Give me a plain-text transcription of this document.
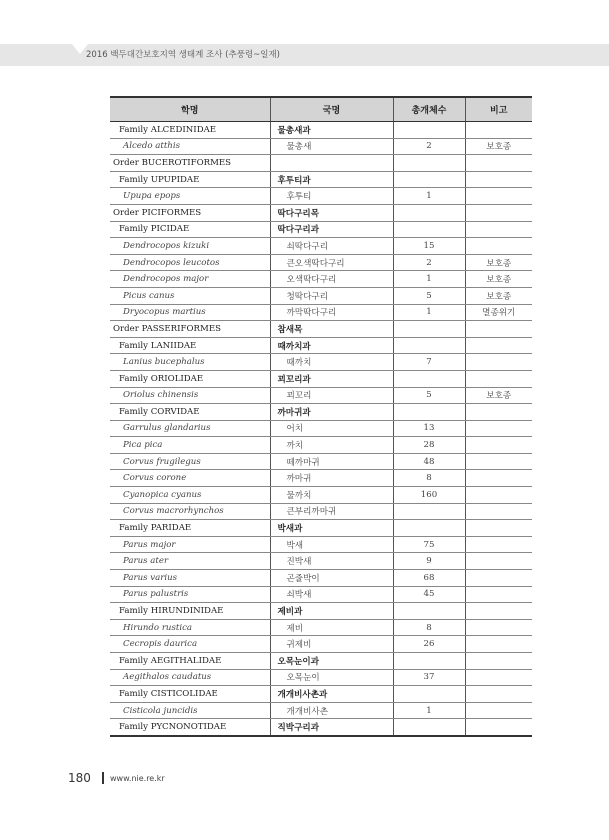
2016 백두대간보호지역 생태계 조사 (추풍령~일재)
학명	국명	총개체수	비고
Family ALCEDINIDAE	물총새과		
Alcedo atthis	물총새	2	보호종
Order BUCEROTIFORMES			
Family UPUPIDAE	후투티과		
Upupa epops	후투티	1	
Order PICIFORMES	딱다구리목		
Family PICIDAE	딱다구리과		
Dendrocopos kizuki	쇠딱다구리	15	
Dendrocopos leucotos	큰오색딱다구리	2	보호종
Dendrocopos major	오색딱다구리	1	보호종
Picus canus	청딱다구리	5	보호종
Dryocopus martius	까막딱다구리	1	멸종위기
Order PASSERIFORMES	참새목		
Family LANIIDAE	때까치과		
Lanius bucephalus	때까치	7	
Family ORIOLIDAE	꾀꼬리과		
Oriolus chinensis	꾀꼬리	5	보호종
Family CORVIDAE	까마귀과		
Garrulus glandarius	어치	13	
Pica pica	까치	28	
Corvus frugilegus	떼까마귀	48	
Corvus corone	까마귀	8	
Cyanopica cyanus	물까치	160	
Corvus macrorhynchos	큰부리까마귀		
Family PARIDAE	박새과		
Parus major	박새	75	
Parus ater	진박새	9	
Parus varius	곤줄박이	68	
Parus palustris	쇠박새	45	
Family HIRUNDINIDAE	제비과		
Hirundo rustica	제비	8	
Cecropis daurica	귀제비	26	
Family AEGITHALIDAE	오목눈이과		
Aegithalos caudatus	오목눈이	37	
Family CISTICOLIDAE	개개비사촌과		
Cisticola juncidis	개개비사촌	1	
Family PYCNONOTIDAE	직박구리과		
180 www.nie.re.kr
